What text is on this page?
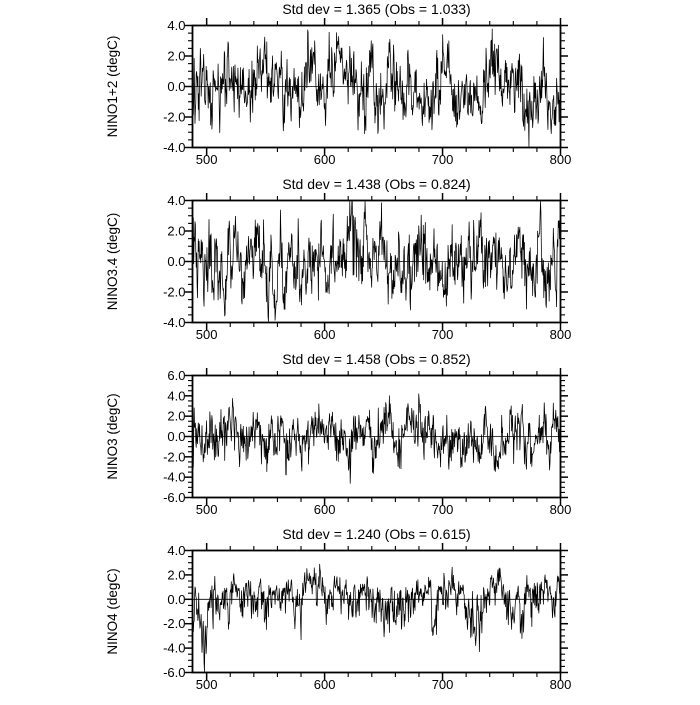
Std dev = 1.365 (Obs = 1.033)
NINO1+2 (degC)
500	600	700	800
-4.0
-2.0
0.0
2.0
4.0
Std dev = 1.438 (Obs = 0.824)
NINO3.4 (degC)
500	600	700	800
-4.0
-2.0
0.0
2.0
4.0
Std dev = 1.458 (Obs = 0.852)
NINO3 (degC)
500	600	700	800
-6.0
-4.0
-2.0
0.0
2.0
4.0
6.0
Std dev = 1.240 (Obs = 0.615)
NINO4 (degC)
500	600	700	800
-6.0
-4.0
-2.0
0.0
2.0
4.0
